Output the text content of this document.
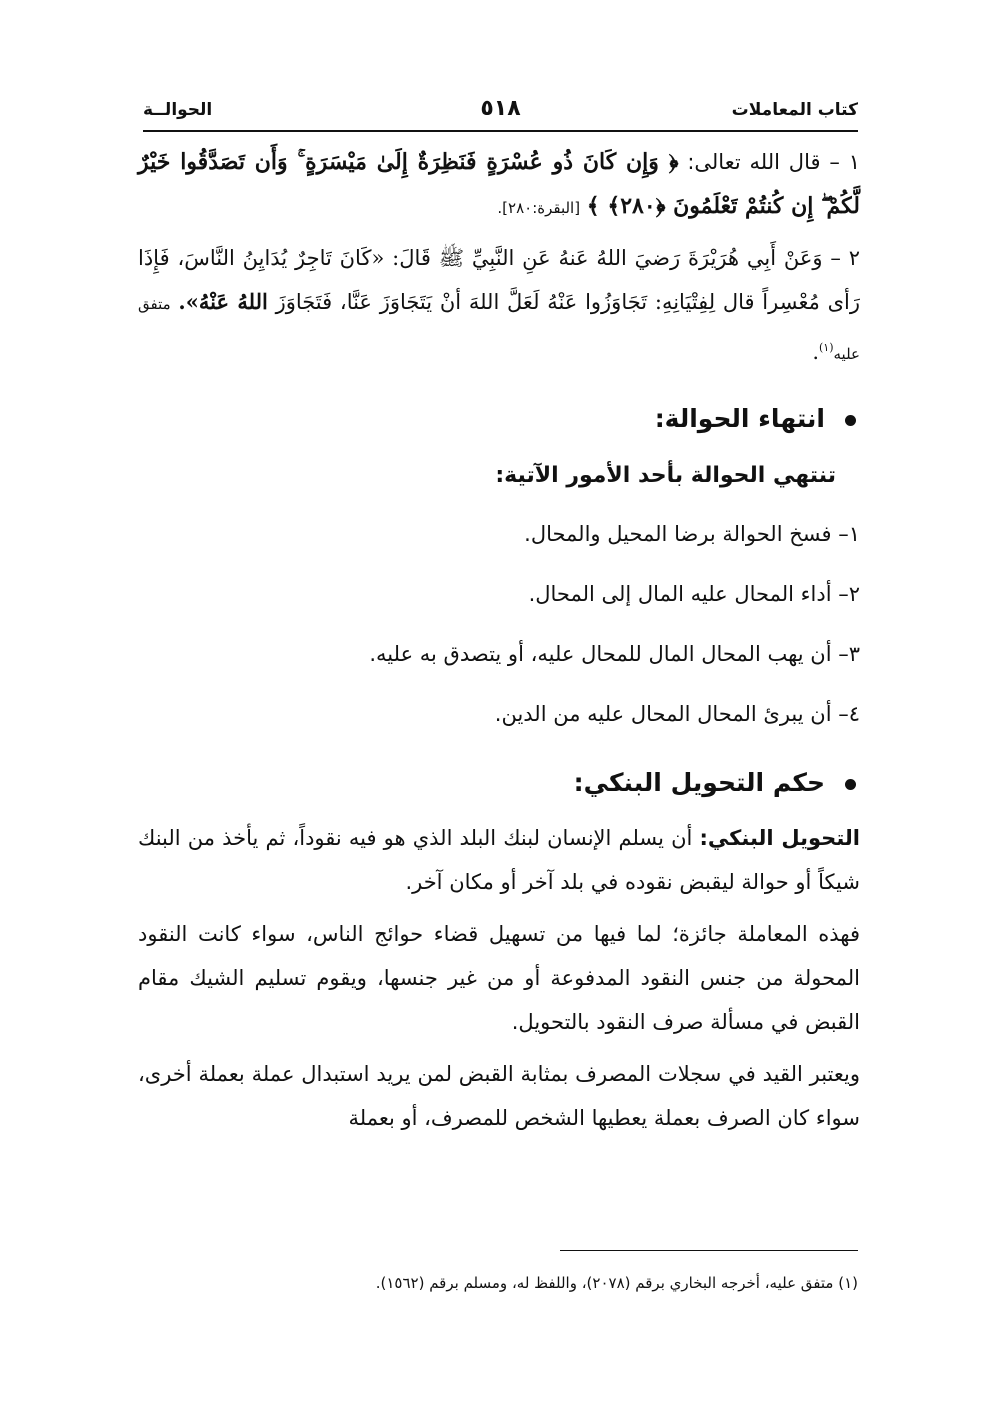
كتاب المعاملات
٥١٨
الحوالــة

١ – قال الله تعالى: ﴿ وَإِن كَانَ ذُو عُسْرَةٍ فَنَظِرَةٌ إِلَىٰ مَيْسَرَةٍ ۚ وَأَن تَصَدَّقُوا خَيْرٌ لَّكُمْ ۖ إِن كُنتُمْ تَعْلَمُونَ ﴿٢٨٠﴾ ﴾ [البقرة:٢٨٠].

٢ – وَعَنْ أَبِي هُرَيْرَةَ رَضيَ اللهُ عَنهُ عَنِ النَّبِيِّ ﷺ قَالَ: «كَانَ تَاجِرٌ يُدَايِنُ النَّاسَ، فَإِذَا رَأى مُعْسِراً قال لِفِتْيَانِهِ: تَجَاوَزُوا عَنْهُ لَعَلَّ اللهَ أنْ يَتَجَاوَزَ عَنَّا، فَتَجَاوَزَ اللهُ عَنْهُ». متفق عليه$^{(١)}$.

انتهاء الحوالة:
تنتهي الحوالة بأحد الأمور الآتية:
١– فسخ الحوالة برضا المحيل والمحال.
٢– أداء المحال عليه المال إلى المحال.
٣– أن يهب المحال المال للمحال عليه، أو يتصدق به عليه.
٤– أن يبرئ المحال المحال عليه من الدين.
حكم التحويل البنكي:

التحويل البنكي: أن يسلم الإنسان لبنك البلد الذي هو فيه نقوداً، ثم يأخذ من البنك شيكاً أو حوالة ليقبض نقوده في بلد آخر أو مكان آخر.

فهذه المعاملة جائزة؛ لما فيها من تسهيل قضاء حوائج الناس، سواء كانت النقود المحولة من جنس النقود المدفوعة أو من غير جنسها، ويقوم تسليم الشيك مقام القبض في مسألة صرف النقود بالتحويل.

ويعتبر القيد في سجلات المصرف بمثابة القبض لمن يريد استبدال عملة بعملة أخرى، سواء كان الصرف بعملة يعطيها الشخص للمصرف، أو بعملة

(١) متفق عليه، أخرجه البخاري برقم (٢٠٧٨)، واللفظ له، ومسلم برقم (١٥٦٢).
